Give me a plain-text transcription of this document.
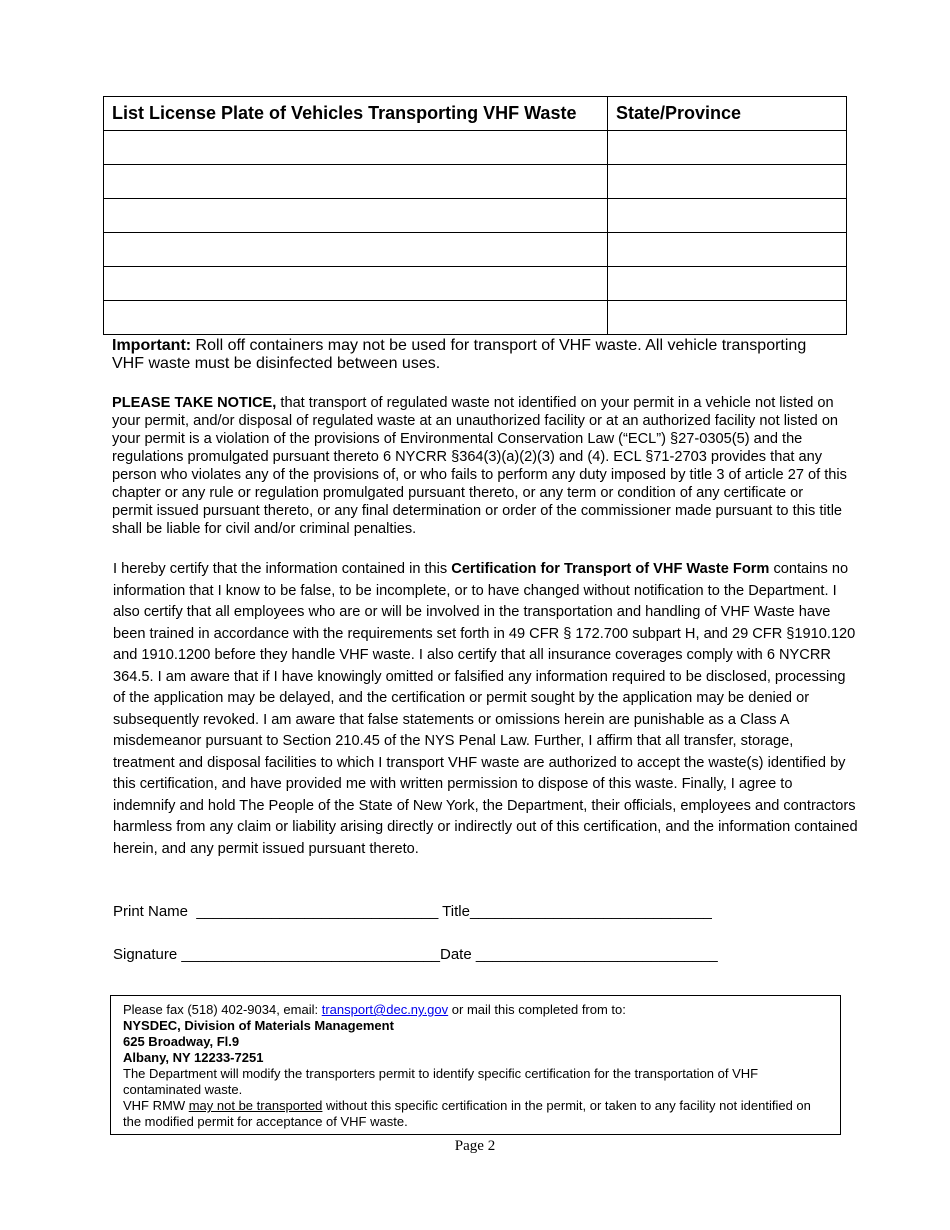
List License Plate of Vehicles Transporting VHF Waste	State/Province

Important: Roll off containers may not be used for transport of VHF waste. All vehicle transporting VHF waste must be disinfected between uses.
PLEASE TAKE NOTICE, that transport of regulated waste not identified on your permit in a vehicle not listed on your permit, and/or disposal of regulated waste at an unauthorized facility or at an authorized facility not listed on your permit is a violation of the provisions of Environmental Conservation Law (“ECL”) §27-0305(5) and the regulations promulgated pursuant thereto 6 NYCRR §364(3)(a)(2)(3) and (4). ECL §71-2703 provides that any person who violates any of the provisions of, or who fails to perform any duty imposed by title 3 of article 27 of this chapter or any rule or regulation promulgated pursuant thereto, or any term or condition of any certificate or permit issued pursuant thereto, or any final determination or order of the commissioner made pursuant to this title shall be liable for civil and/or criminal penalties.
I hereby certify that the information contained in this Certification for Transport of VHF Waste Form contains no information that I know to be false, to be incomplete, or to have changed without notification to the Department. I also certify that all employees who are or will be involved in the transportation and handling of VHF Waste have been trained in accordance with the requirements set forth in 49 CFR § 172.700 subpart H, and 29 CFR §1910.120 and 1910.1200 before they handle VHF waste. I also certify that all insurance coverages comply with 6 NYCRR 364.5. I am aware that if I have knowingly omitted or falsified any information required to be disclosed, processing of the application may be delayed, and the certification or permit sought by the application may be denied or subsequently revoked. I am aware that false statements or omissions herein are punishable as a Class A misdemeanor pursuant to Section 210.45 of the NYS Penal Law. Further, I affirm that all transfer, storage, treatment and disposal facilities to which I transport VHF waste are authorized to accept the waste(s) identified by this certification, and have provided me with written permission to dispose of this waste. Finally, I agree to indemnify and hold The People of the State of New York, the Department, their officials, employees and contractors harmless from any claim or liability arising directly or indirectly out of this certification, and the information contained herein, and any permit issued pursuant thereto.
Print Name  _____________________________ Title_____________________________
Signature _______________________________Date _____________________________
Please fax (518) 402-9034, email: transport@dec.ny.gov or mail this completed from to:
NYSDEC, Division of Materials Management
625 Broadway, Fl.9
Albany, NY 12233-7251
The Department will modify the transporters permit to identify specific certification for the transportation of VHF contaminated waste.
VHF RMW may not be transported without this specific certification in the permit, or taken to any facility not identified on the modified permit for acceptance of VHF waste.
Page 2
